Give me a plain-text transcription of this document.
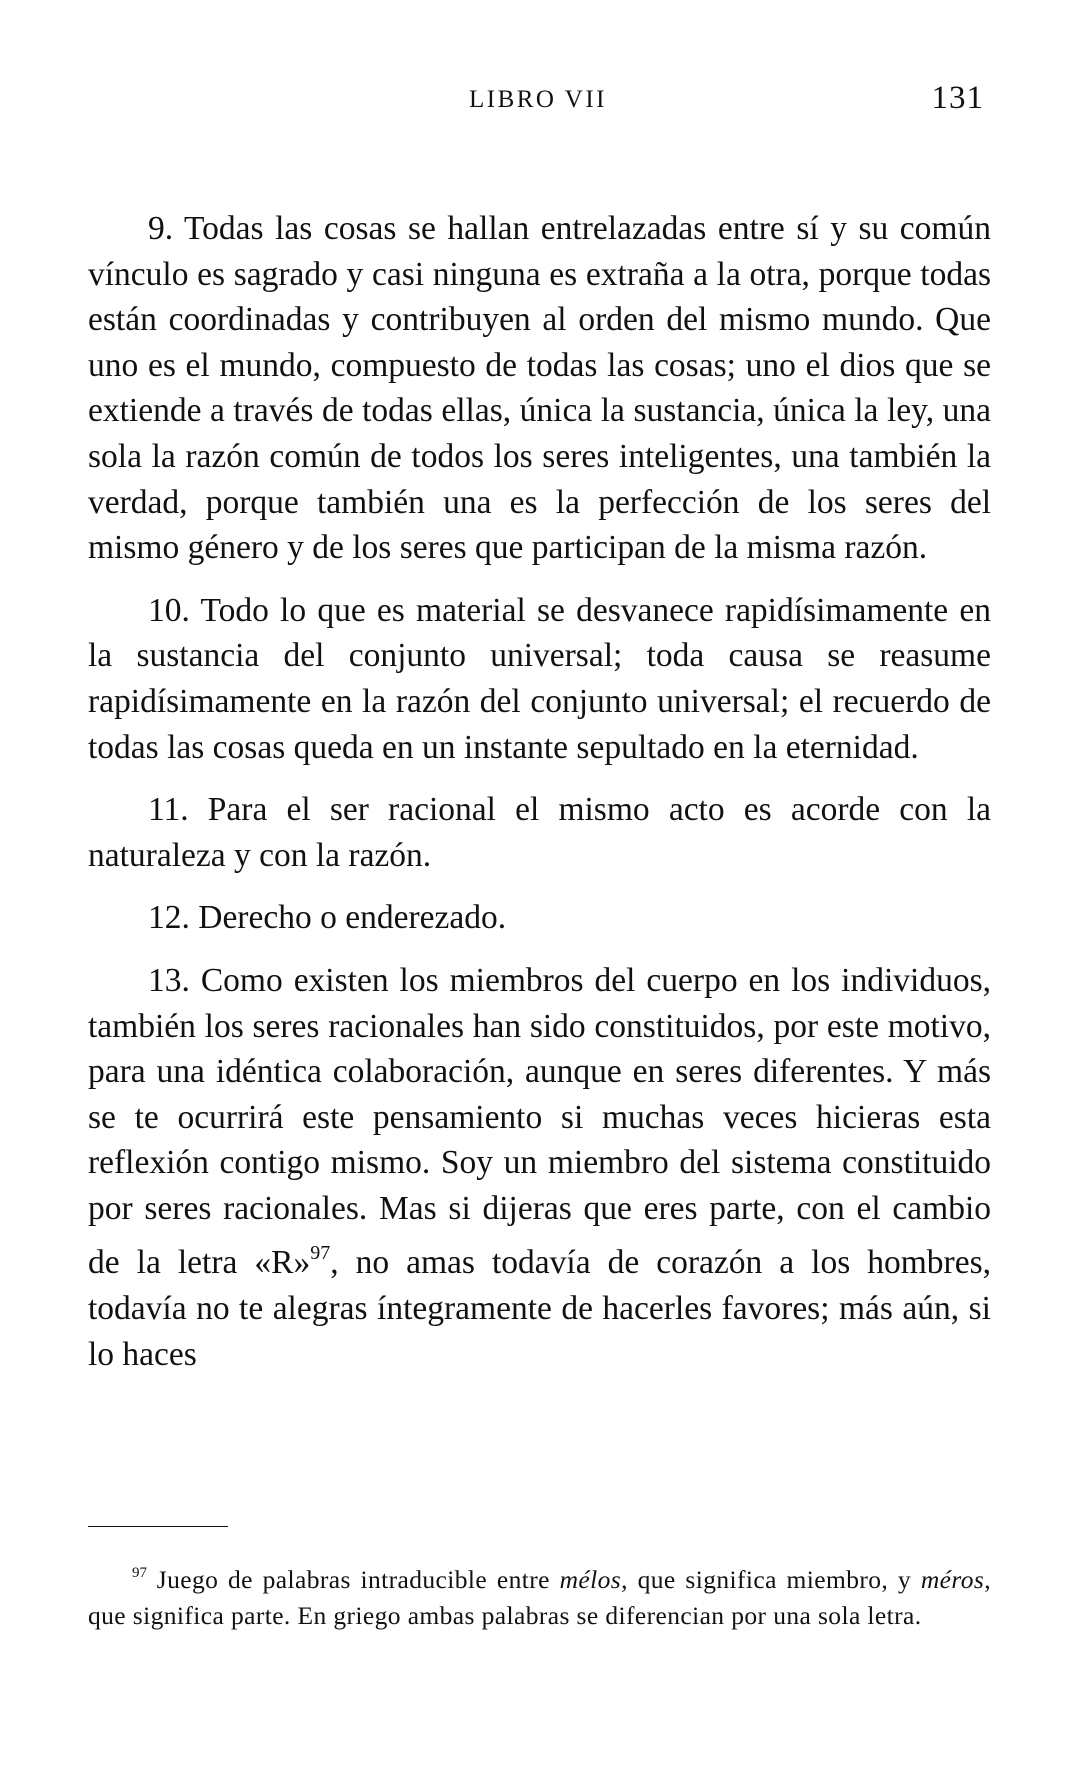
LIBRO VII	131

9. Todas las cosas se hallan entrelazadas entre sí y su común vínculo es sagrado y casi ninguna es extraña a la otra, porque todas están coordinadas y contribuyen al orden del mismo mundo. Que uno es el mundo, compuesto de todas las cosas; uno el dios que se extiende a través de todas ellas, única la sustancia, única la ley, una sola la razón común de todos los seres inteligentes, una también la verdad, porque también una es la perfección de los seres del mismo género y de los seres que participan de la misma razón.

10. Todo lo que es material se desvanece rapidísimamente en la sustancia del conjunto universal; toda causa se reasume rapidísimamente en la razón del conjunto universal; el recuerdo de todas las cosas queda en un instante sepultado en la eternidad.

11. Para el ser racional el mismo acto es acorde con la naturaleza y con la razón.

12. Derecho o enderezado.

13. Como existen los miembros del cuerpo en los individuos, también los seres racionales han sido constituidos, por este motivo, para una idéntica colaboración, aunque en seres diferentes. Y más se te ocurrirá este pensamiento si muchas veces hicieras esta reflexión contigo mismo. Soy un miembro del sistema constituido por seres racionales. Mas si dijeras que eres parte, con el cambio de la letra «R»$^{97}$, no amas todavía de corazón a los hombres, todavía no te alegras íntegramente de hacerles favores; más aún, si lo haces

$^{97}$ Juego de palabras intraducible entre mélos, que significa miembro, y méros, que significa parte. En griego ambas palabras se diferencian por una sola letra.
